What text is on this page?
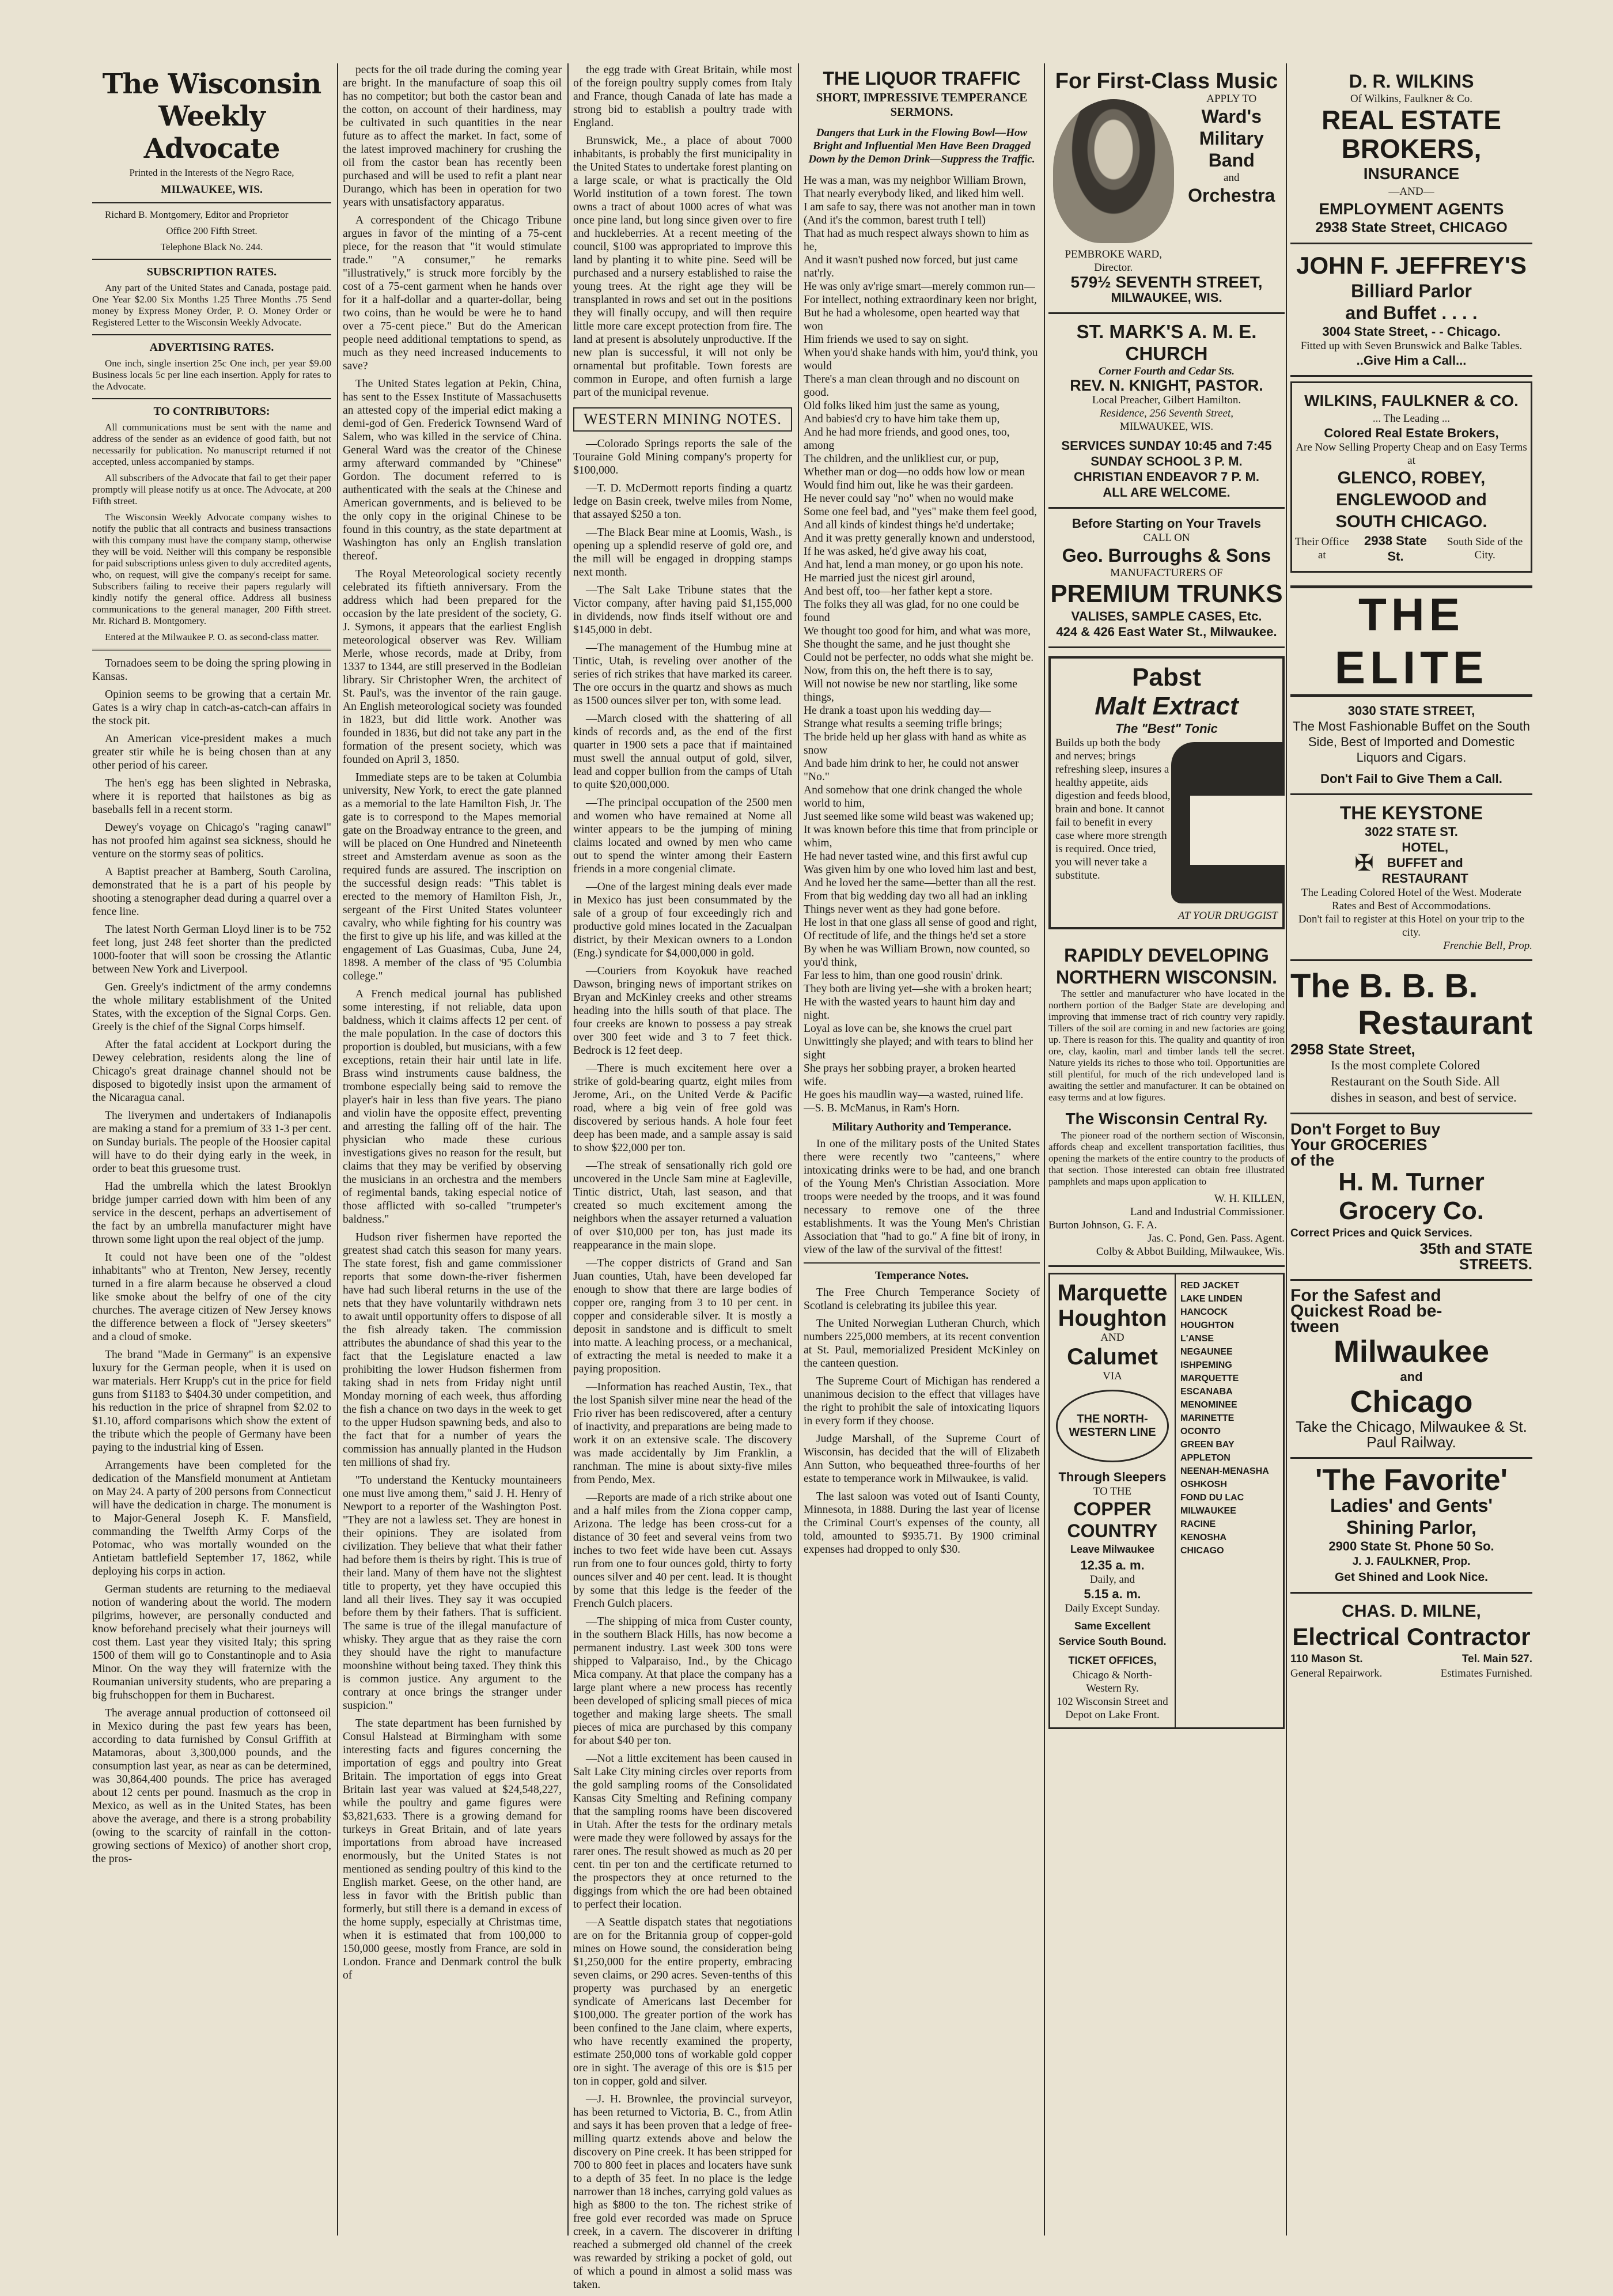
The Wisconsin Weekly Advocate

Printed in the Interests of the Negro Race,

MILWAUKEE, WIS.

Richard B. Montgomery, Editor and Proprietor

Office 200 Fifth Street.

Telephone Black No. 244.

SUBSCRIPTION RATES.

Any part of the United States and Canada, postage paid. One Year $2.00 Six Months 1.25 Three Months .75 Send money by Express Money Order, P. O. Money Order or Registered Letter to the Wisconsin Weekly Advocate.

ADVERTISING RATES.

One inch, single insertion 25c One inch, per year $9.00 Business locals 5c per line each insertion. Apply for rates to the Advocate.

TO CONTRIBUTORS:

All communications must be sent with the name and address of the sender as an evidence of good faith, but not necessarily for publication. No manuscript returned if not accepted, unless accompanied by stamps.

All subscribers of the Advocate that fail to get their paper promptly will please notify us at once. The Advocate, at 200 Fifth street.

The Wisconsin Weekly Advocate company wishes to notify the public that all contracts and business transactions with this company must have the company stamp, otherwise they will be void. Neither will this company be responsible for paid subscriptions unless given to duly accredited agents, who, on request, will give the company's receipt for same. Subscribers failing to receive their papers regularly will kindly notify the general office. Address all business communications to the general manager, 200 Fifth street. Mr. Richard B. Montgomery.

Entered at the Milwaukee P. O. as second-class matter.

Tornadoes seem to be doing the spring plowing in Kansas.

Opinion seems to be growing that a certain Mr. Gates is a wiry chap in catch-as-catch-can affairs in the stock pit.

An American vice-president makes a much greater stir while he is being chosen than at any other period of his career.

The hen's egg has been slighted in Nebraska, where it is reported that hailstones as big as baseballs fell in a recent storm.

Dewey's voyage on Chicago's "raging canawl" has not proofed him against sea sickness, should he venture on the stormy seas of politics.

A Baptist preacher at Bamberg, South Carolina, demonstrated that he is a part of his people by shooting a stenographer dead during a quarrel over a fence line.

The latest North German Lloyd liner is to be 752 feet long, just 248 feet shorter than the predicted 1000-footer that will soon be crossing the Atlantic between New York and Liverpool.

Gen. Greely's indictment of the army condemns the whole military establishment of the United States, with the exception of the Signal Corps. Gen. Greely is the chief of the Signal Corps himself.

After the fatal accident at Lockport during the Dewey celebration, residents along the line of Chicago's great drainage channel should not be disposed to bigotedly insist upon the armament of the Nicaragua canal.

The liverymen and undertakers of Indianapolis are making a stand for a premium of 33 1-3 per cent. on Sunday burials. The people of the Hoosier capital will have to do their dying early in the week, in order to beat this gruesome trust.

Had the umbrella which the latest Brooklyn bridge jumper carried down with him been of any service in the descent, perhaps an advertisement of the fact by an umbrella manufacturer might have thrown some light upon the real object of the jump.

It could not have been one of the "oldest inhabitants" who at Trenton, New Jersey, recently turned in a fire alarm because he observed a cloud like smoke about the belfry of one of the city churches. The average citizen of New Jersey knows the difference between a flock of "Jersey skeeters" and a cloud of smoke.

The brand "Made in Germany" is an expensive luxury for the German people, when it is used on war materials. Herr Krupp's cut in the price for field guns from $1183 to $404.30 under competition, and his reduction in the price of shrapnel from $2.02 to $1.10, afford comparisons which show the extent of the tribute which the people of Germany have been paying to the industrial king of Essen.

Arrangements have been completed for the dedication of the Mansfield monument at Antietam on May 24. A party of 200 persons from Connecticut will have the dedication in charge. The monument is to Major-General Joseph K. F. Mansfield, commanding the Twelfth Army Corps of the Potomac, who was mortally wounded on the Antietam battlefield September 17, 1862, while deploying his corps in action.

German students are returning to the mediaeval notion of wandering about the world. The modern pilgrims, however, are personally conducted and know beforehand precisely what their journeys will cost them. Last year they visited Italy; this spring 1500 of them will go to Constantinople and to Asia Minor. On the way they will fraternize with the Roumanian university students, who are preparing a big fruhschoppen for them in Bucharest.

The average annual production of cottonseed oil in Mexico during the past few years has been, according to data furnished by Consul Griffith at Matamoras, about 3,300,000 pounds, and the consumption last year, as near as can be determined, was 30,864,400 pounds. The price has averaged about 12 cents per pound. Inasmuch as the crop in Mexico, as well as in the United States, has been above the average, and there is a strong probability (owing to the scarcity of rainfall in the cotton-growing sections of Mexico) of another short crop, the pros-

pects for the oil trade during the coming year are bright. In the manufacture of soap this oil has no competitor; but both the castor bean and the cotton, on account of their hardiness, may be cultivated in such quantities in the near future as to affect the market. In fact, some of the latest improved machinery for crushing the oil from the castor bean has recently been purchased and will be used to refit a plant near Durango, which has been in operation for two years with unsatisfactory apparatus.

A correspondent of the Chicago Tribune argues in favor of the minting of a 75-cent piece, for the reason that "it would stimulate trade." "A consumer," he remarks "illustratively," is struck more forcibly by the cost of a 75-cent garment when he hands over for it a half-dollar and a quarter-dollar, being two coins, than he would be were he to hand over a 75-cent piece." But do the American people need additional temptations to spend, as much as they need increased inducements to save?

The United States legation at Pekin, China, has sent to the Essex Institute of Massachusetts an attested copy of the imperial edict making a demi-god of Gen. Frederick Townsend Ward of Salem, who was killed in the service of China. General Ward was the creator of the Chinese army afterward commanded by "Chinese" Gordon. The document referred to is authenticated with the seals at the Chinese and American governments, and is believed to be the only copy in the original Chinese to be found in this country, as the state department at Washington has only an English translation thereof.

The Royal Meteorological society recently celebrated its fiftieth anniversary. From the address which had been prepared for the occasion by the late president of the society, G. J. Symons, it appears that the earliest English meteorological observer was Rev. William Merle, whose records, made at Driby, from 1337 to 1344, are still preserved in the Bodleian library. Sir Christopher Wren, the architect of St. Paul's, was the inventor of the rain gauge. An English meteorological society was founded in 1823, but did little work. Another was founded in 1836, but did not take any part in the formation of the present society, which was founded on April 3, 1850.

Immediate steps are to be taken at Columbia university, New York, to erect the gate planned as a memorial to the late Hamilton Fish, Jr. The gate is to correspond to the Mapes memorial gate on the Broadway entrance to the green, and will be placed on One Hundred and Nineteenth street and Amsterdam avenue as soon as the required funds are assured. The inscription on the successful design reads: "This tablet is erected to the memory of Hamilton Fish, Jr., sergeant of the First United States volunteer cavalry, who while fighting for his country was the first to give up his life, and was killed at the engagement of Las Guasimas, Cuba, June 24, 1898. A member of the class of '95 Columbia college."

A French medical journal has published some interesting, if not reliable, data upon baldness, which it claims affects 12 per cent. of the male population. In the case of doctors this proportion is doubled, but musicians, with a few exceptions, retain their hair until late in life. Brass wind instruments cause baldness, the trombone especially being said to remove the player's hair in less than five years. The piano and violin have the opposite effect, preventing and arresting the falling off of the hair. The physician who made these curious investigations gives no reason for the result, but claims that they may be verified by observing the musicians in an orchestra and the members of regimental bands, taking especial notice of those afflicted with so-called "trumpeter's baldness."

Hudson river fishermen have reported the greatest shad catch this season for many years. The state forest, fish and game commissioner reports that some down-the-river fishermen have had such liberal returns in the use of the nets that they have voluntarily withdrawn nets to await until opportunity offers to dispose of all the fish already taken. The commission attributes the abundance of shad this year to the fact that the Legislature enacted a law prohibiting the lower Hudson fishermen from taking shad in nets from Friday night until Monday morning of each week, thus affording the fish a chance on two days in the week to get to the upper Hudson spawning beds, and also to the fact that for a number of years the commission has annually planted in the Hudson ten millions of shad fry.

"To understand the Kentucky mountaineers one must live among them," said J. H. Henry of Newport to a reporter of the Washington Post. "They are not a lawless set. They are honest in their opinions. They are isolated from civilization. They believe that what their father had before them is theirs by right. This is true of their land. Many of them have not the slightest title to property, yet they have occupied this land all their lives. They say it was occupied before them by their fathers. That is sufficient. The same is true of the illegal manufacture of whisky. They argue that as they raise the corn they should have the right to manufacture moonshine without being taxed. They think this is common justice. Any argument to the contrary at once brings the stranger under suspicion."

The state department has been furnished by Consul Halstead at Birmingham with some interesting facts and figures concerning the importation of eggs and poultry into Great Britain. The importation of eggs into Great Britain last year was valued at $24,548,227, while the poultry and game figures were $3,821,633. There is a growing demand for turkeys in Great Britain, and of late years importations from abroad have increased enormously, but the United States is not mentioned as sending poultry of this kind to the English market. Geese, on the other hand, are less in favor with the British public than formerly, but still there is a demand in excess of the home supply, especially at Christmas time, when it is estimated that from 100,000 to 150,000 geese, mostly from France, are sold in London. France and Denmark control the bulk of

the egg trade with Great Britain, while most of the foreign poultry supply comes from Italy and France, though Canada of late has made a strong bid to establish a poultry trade with England.

Brunswick, Me., a place of about 7000 inhabitants, is probably the first municipality in the United States to undertake forest planting on a large scale, or what is practically the Old World institution of a town forest. The town owns a tract of about 1000 acres of what was once pine land, but long since given over to fire and huckleberries. At a recent meeting of the council, $100 was appropriated to improve this land by planting it to white pine. Seed will be purchased and a nursery established to raise the young trees. At the right age they will be transplanted in rows and set out in the positions they will finally occupy, and will then require little more care except protection from fire. The land at present is absolutely unproductive. If the new plan is successful, it will not only be ornamental but profitable. Town forests are common in Europe, and often furnish a large part of the municipal revenue.

WESTERN MINING NOTES.

—Colorado Springs reports the sale of the Touraine Gold Mining company's property for $100,000.

—T. D. McDermott reports finding a quartz ledge on Basin creek, twelve miles from Nome, that assayed $250 a ton.

—The Black Bear mine at Loomis, Wash., is opening up a splendid reserve of gold ore, and the mill will be engaged in dropping stamps next month.

—The Salt Lake Tribune states that the Victor company, after having paid $1,155,000 in dividends, now finds itself without ore and $145,000 in debt.

—The management of the Humbug mine at Tintic, Utah, is reveling over another of the series of rich strikes that have marked its career. The ore occurs in the quartz and shows as much as 1500 ounces silver per ton, with some lead.

—March closed with the shattering of all kinds of records and, as the end of the first quarter in 1900 sets a pace that if maintained must swell the annual output of gold, silver, lead and copper bullion from the camps of Utah to quite $20,000,000.

—The principal occupation of the 2500 men and women who have remained at Nome all winter appears to be the jumping of mining claims located and owned by men who came out to spend the winter among their Eastern friends in a more congenial climate.

—One of the largest mining deals ever made in Mexico has just been consummated by the sale of a group of four exceedingly rich and productive gold mines located in the Zacualpan district, by their Mexican owners to a London (Eng.) syndicate for $4,000,000 in gold.

—Couriers from Koyokuk have reached Dawson, bringing news of important strikes on Bryan and McKinley creeks and other streams heading into the hills south of that place. The four creeks are known to possess a pay streak over 300 feet wide and 3 to 7 feet thick. Bedrock is 12 feet deep.

—There is much excitement here over a strike of gold-bearing quartz, eight miles from Jerome, Ari., on the United Verde & Pacific road, where a big vein of free gold was discovered by serious hands. A hole four feet deep has been made, and a sample assay is said to show $22,000 per ton.

—The streak of sensationally rich gold ore uncovered in the Uncle Sam mine at Eagleville, Tintic district, Utah, last season, and that created so much excitement among the neighbors when the assayer returned a valuation of over $10,000 per ton, has just made its reappearance in the main slope.

—The copper districts of Grand and San Juan counties, Utah, have been developed far enough to show that there are large bodies of copper ore, ranging from 3 to 10 per cent. in copper and considerable silver. It is mostly a deposit in sandstone and is difficult to smelt into matte. A leaching process, or a mechanical, of extracting the metal is needed to make it a paying proposition.

—Information has reached Austin, Tex., that the lost Spanish silver mine near the head of the Frio river has been rediscovered, after a century of inactivity, and preparations are being made to work it on an extensive scale. The discovery was made accidentally by Jim Franklin, a ranchman. The mine is about sixty-five miles from Pendo, Mex.

—Reports are made of a rich strike about one and a half miles from the Ziona copper camp, Arizona. The ledge has been cross-cut for a distance of 30 feet and several veins from two inches to two feet wide have been cut. Assays run from one to four ounces gold, thirty to forty ounces silver and 40 per cent. lead. It is thought by some that this ledge is the feeder of the French Gulch placers.

—The shipping of mica from Custer county, in the southern Black Hills, has now become a permanent industry. Last week 300 tons were shipped to Valparaiso, Ind., by the Chicago Mica company. At that place the company has a large plant where a new process has recently been developed of splicing small pieces of mica together and making large sheets. The small pieces of mica are purchased by this company for about $40 per ton.

—Not a little excitement has been caused in Salt Lake City mining circles over reports from the gold sampling rooms of the Consolidated Kansas City Smelting and Refining company that the sampling rooms have been discovered in Utah. After the tests for the ordinary metals were made they were followed by assays for the rarer ones. The result showed as much as 20 per cent. tin per ton and the certificate returned to the prospectors they at once returned to the diggings from which the ore had been obtained to perfect their location.

—A Seattle dispatch states that negotiations are on for the Britannia group of copper-gold mines on Howe sound, the consideration being $1,250,000 for the entire property, embracing seven claims, or 290 acres. Seven-tenths of this property was purchased by an energetic syndicate of Americans last December for $100,000. The greater portion of the work has been confined to the Jane claim, where experts, who have recently examined the property, estimate 250,000 tons of workable gold copper ore in sight. The average of this ore is $15 per ton in copper, gold and silver.

—J. H. Brownlee, the provincial surveyor, has been returned to Victoria, B. C., from Atlin and says it has been proven that a ledge of free-milling quartz extends above and below the discovery on Pine creek. It has been stripped for 700 to 800 feet in places and locaters have sunk to a depth of 35 feet. In no place is the ledge narrower than 18 inches, carrying gold values as high as $800 to the ton. The richest strike of free gold ever recorded was made on Spruce creek, in a cavern. The discoverer in drifting reached a submerged old channel of the creek was rewarded by striking a pocket of gold, out of which a pound in almost a solid mass was taken.

THE LIQUOR TRAFFIC
SHORT, IMPRESSIVE TEMPERANCE SERMONS.
Dangers that Lurk in the Flowing Bowl—How Bright and Influential Men Have Been Dragged Down by the Demon Drink—Suppress the Traffic.

He was a man, was my neighbor William Brown,

That nearly everybody liked, and liked him well.

I am safe to say, there was not another man in town

(And it's the common, barest truth I tell)

That had as much respect always shown to him as he,

And it wasn't pushed now forced, but just came nat'rly.

He was only av'rige smart—merely common run—

For intellect, nothing extraordinary keen nor bright,

But he had a wholesome, open hearted way that won

Him friends we used to say on sight.

When you'd shake hands with him, you'd think, you would

There's a man clean through and no discount on good.

Old folks liked him just the same as young,

And babies'd cry to have him take them up,

And he had more friends, and good ones, too, among

The children, and the unlikliest cur, or pup,

Whether man or dog—no odds how low or mean

Would find him out, like he was their gardeen.

He never could say "no" when no would make

Some one feel bad, and "yes" make them feel good,

And all kinds of kindest things he'd undertake;

And it was pretty generally known and understood,

If he was asked, he'd give away his coat,

And hat, lend a man money, or go upon his note.

He married just the nicest girl around,

And best off, too—her father kept a store.

The folks they all was glad, for no one could be found

We thought too good for him, and what was more,

She thought the same, and he just thought she

Could not be perfecter, no odds what she might be.

Now, from this on, the heft there is to say,

Will not nowise be new nor startling, like some things,

He drank a toast upon his wedding day—

Strange what results a seeming trifle brings;

The bride held up her glass with hand as white as snow

And bade him drink to her, he could not answer "No."

And somehow that one drink changed the whole world to him,

Just seemed like some wild beast was wakened up;

It was known before this time that from principle or whim,

He had never tasted wine, and this first awful cup

Was given him by one who loved him last and best,

And he loved her the same—better than all the rest.

From that big wedding day two all had an inkling

Things never went as they had gone before.

He lost in that one glass all sense of good and right,

Of rectitude of life, and the things he'd set a store

By when he was William Brown, now counted, so you'd think,

Far less to him, than one good rousin' drink.

They both are living yet—she with a broken heart;

He with the wasted years to haunt him day and night.

Loyal as love can be, she knows the cruel part

Unwittingly she played; and with tears to blind her sight

She prays her sobbing prayer, a broken hearted wife.

He goes his maudlin way—a wasted, ruined life.

—S. B. McManus, in Ram's Horn.

Military Authority and Temperance.

In one of the military posts of the United States there were recently two "canteens," where intoxicating drinks were to be had, and one branch of the Young Men's Christian Association. More troops were needed by the troops, and it was found necessary to remove one of the three establishments. It was the Young Men's Christian Association that "had to go." A fine bit of irony, in view of the law of the survival of the fittest!

Temperance Notes.

The Free Church Temperance Society of Scotland is celebrating its jubilee this year.

The United Norwegian Lutheran Church, which numbers 225,000 members, at its recent convention at St. Paul, memorialized President McKinley on the canteen question.

The Supreme Court of Michigan has rendered a unanimous decision to the effect that villages have the right to prohibit the sale of intoxicating liquors in every form if they choose.

Judge Marshall, of the Supreme Court of Wisconsin, has decided that the will of Elizabeth Ann Sutton, who bequeathed three-fourths of her estate to temperance work in Milwaukee, is valid.

The last saloon was voted out of Isanti County, Minnesota, in 1888. During the last year of license the Criminal Court's expenses of the county, all told, amounted to $935.71. By 1900 criminal expenses had dropped to only $30.

For First-Class Music
PEMBROKE WARD, Director.
APPLY TO
Ward's
Military
Band
and
Orchestra
579½ SEVENTH STREET,
MILWAUKEE, WIS.
ST. MARK'S A. M. E. CHURCH
Corner Fourth and Cedar Sts.
REV. N. KNIGHT, PASTOR.
Local Preacher, Gilbert Hamilton.
Residence, 256 Seventh Street,
MILWAUKEE, WIS.
SERVICES SUNDAY 10:45 and 7:45
SUNDAY SCHOOL 3 P. M.
CHRISTIAN ENDEAVOR 7 P. M.
ALL ARE WELCOME.
Before Starting on Your Travels
CALL ON
Geo. Burroughs & Sons
MANUFACTURERS OF
PREMIUM TRUNKS
VALISES, SAMPLE CASES, Etc.
424 & 426 East Water St., Milwaukee.
Pabst
Malt Extract
The "Best" Tonic
Builds up both the body and nerves; brings refreshing sleep, insures a healthy appetite, aids digestion and feeds blood, brain and bone. It cannot fail to benefit in every case where more strength is required. Once tried, you will never take a substitute.
AT YOUR DRUGGIST
RAPIDLY DEVELOPING NORTHERN WISCONSIN.

The settler and manufacturer who have located in the northern portion of the Badger State are developing and improving that immense tract of rich country very rapidly. Tillers of the soil are coming in and new factories are going up. There is reason for this. The quality and quantity of iron ore, clay, kaolin, marl and timber lands tell the secret. Nature yields its riches to those who toil. Opportunities are still plentiful, for much of the rich undeveloped land is awaiting the settler and manufacturer. It can be obtained on easy terms and at low figures.

The Wisconsin Central Ry.

The pioneer road of the northern section of Wisconsin, affords cheap and excellent transportation facilities, thus opening the markets of the entire country to the products of that section. Those interested can obtain free illustrated pamphlets and maps upon application to

W. H. KILLEN,
Land and Industrial Commissioner.
Burton Johnson, G. F. A.
Jas. C. Pond, Gen. Pass. Agent.
Colby & Abbot Building, Milwaukee, Wis.
Marquette
Houghton
AND
Calumet
VIA
THE NORTH-WESTERN LINE
Through Sleepers
TO THE
COPPER COUNTRY
Leave Milwaukee
12.35 a. m.
Daily, and
5.15 a. m.
Daily Except Sunday.
Same Excellent Service South Bound.
TICKET OFFICES,
Chicago & North-Western Ry.
102 Wisconsin Street and Depot on Lake Front.
RED JACKET
LAKE LINDEN
HANCOCK
HOUGHTON
L'ANSE
NEGAUNEE
ISHPEMING
MARQUETTE
ESCANABA
MENOMINEE
MARINETTE
OCONTO
GREEN BAY
APPLETON
NEENAH-MENASHA
OSHKOSH
FOND DU LAC
MILWAUKEE
RACINE
KENOSHA
CHICAGO
D. R. WILKINS
Of Wilkins, Faulkner & Co.
REAL ESTATE BROKERS,
INSURANCE
—AND—
EMPLOYMENT AGENTS
2938 State Street, CHICAGO
JOHN F. JEFFREY'S
Billiard Parlor
and Buffet . . . .
3004 State Street, - - Chicago.
Fitted up with Seven Brunswick and Balke Tables.
..Give Him a Call...
WILKINS, FAULKNER & CO.
... The Leading ...
Colored Real Estate Brokers,
Are Now Selling Property Cheap and on Easy Terms at
GLENCO, ROBEY,
ENGLEWOOD and
SOUTH CHICAGO.
Their Office at
2938 State St.
South Side of the City.
THE ELITE
3030 STATE STREET,
The Most Fashionable Buffet on the South Side, Best of Imported and Domestic Liquors and Cigars.
Don't Fail to Give Them a Call.
THE KEYSTONE
3022 STATE ST.
✠
HOTEL,
BUFFET and
RESTAURANT
The Leading Colored Hotel of the West. Moderate Rates and Best of Accommodations.
Don't fail to register at this Hotel on your trip to the city.
Frenchie Bell, Prop.
The B. B. B.
Restaurant
2958 State Street,
Is the most complete Colored Restaurant on the South Side. All dishes in season, and best of service.
Don't Forget to Buy
Your GROCERIES
of the
H. M. Turner
Grocery Co.
Correct Prices and Quick Services.
35th and STATE
STREETS.
For the Safest and
Quickest Road be-
tween
Milwaukee
and
Chicago
Take the Chicago, Milwaukee & St. Paul Railway.
'The Favorite'
Ladies' and Gents'
Shining Parlor,
2900 State St. Phone 50 So.
J. J. FAULKNER, Prop.
Get Shined and Look Nice.
CHAS. D. MILNE,
Electrical Contractor
110 Mason St.	Tel. Main 527.
General Repairwork.	Estimates Furnished.
